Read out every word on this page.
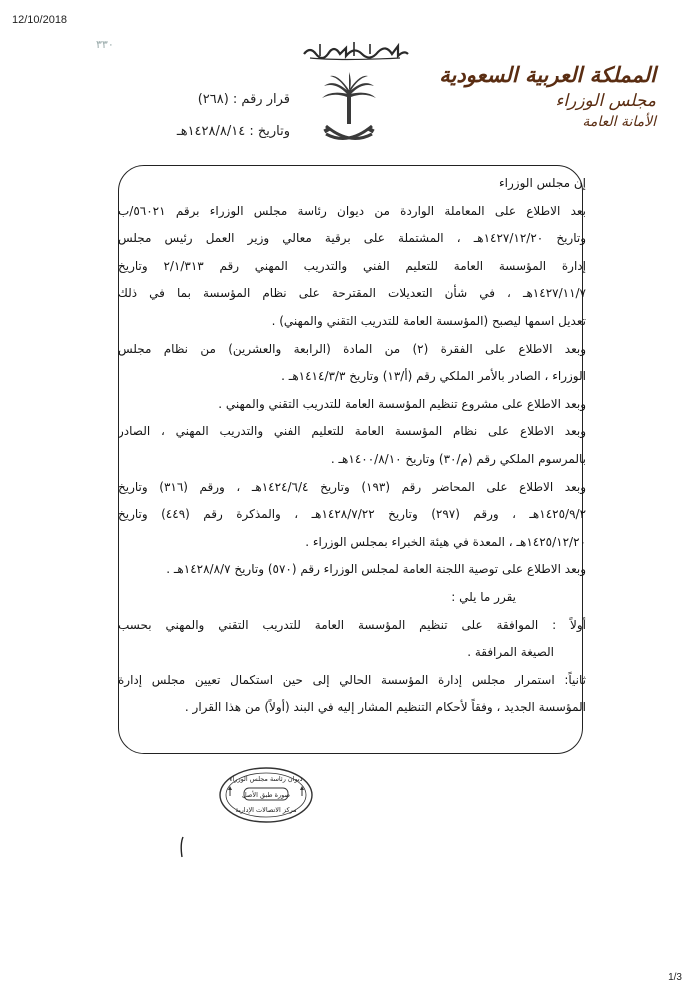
12/10/2018
٣٣٠
المملكة العربية السعودية
مجلس الوزراء
الأمانة العامة
قرار رقم : (٢٦٨)
وتاريخ : ١٤٢٨/٨/١٤هـ
إن مجلس الوزراء
بعد الاطلاع على المعاملة الواردة من ديوان رئاسة مجلس الوزراء برقم ٥٦٠٢١/ب
وتاريخ ١٤٢٧/١٢/٢٠هـ ، المشتملة على برقية معالي وزير العمل رئيس مجلس
إدارة المؤسسة العامة للتعليم الفني والتدريب المهني رقم ٢/١/٣١٣ وتاريخ
١٤٢٧/١١/٧هـ ، في شأن التعديلات المقترحة على نظام المؤسسة بما في ذلك
تعديل اسمها ليصبح (المؤسسة العامة للتدريب التقني والمهني) .
وبعد الاطلاع على الفقرة (٢) من المادة (الرابعة والعشرين) من نظام مجلس
الوزراء ، الصادر بالأمر الملكي رقم (أ/١٣) وتاريخ ١٤١٤/٣/٣هـ .
وبعد الاطلاع على مشروع تنظيم المؤسسة العامة للتدريب التقني والمهني .
وبعد الاطلاع على نظام المؤسسة العامة للتعليم الفني والتدريب المهني ، الصادر
بالمرسوم الملكي رقم (م/٣٠) وتاريخ ١٤٠٠/٨/١٠هـ .
وبعد الاطلاع على المحاضر رقم (١٩٣) وتاريخ ١٤٢٤/٦/٤هـ ، ورقم (٣١٦) وتاريخ
١٤٢٥/٩/٢هـ ، ورقم (٢٩٧) وتاريخ ١٤٢٨/٧/٢٢هـ ، والمذكرة رقم (٤٤٩) وتاريخ
١٤٢٥/١٢/٢٠هـ ، المعدة في هيئة الخبراء بمجلس الوزراء .
وبعد الاطلاع على توصية اللجنة العامة لمجلس الوزراء رقم (٥٧٠) وتاريخ ١٤٢٨/٨/٧هـ .
يقرر ما يلي :
أولاً : الموافقة على تنظيم المؤسسة العامة للتدريب التقني والمهني بحسب
الصيغة المرافقة .
ثانياً: استمرار مجلس إدارة المؤسسة الحالي إلى حين استكمال تعيين مجلس إدارة
المؤسسة الجديد ، وفقاً لأحكام التنظيم المشار إليه في البند (أولاً) من هذا القرار .
ديوان رئاسة مجلس الوزراء
صورة طبق الأصل
مركز الاتصالات الإدارية
1/3
